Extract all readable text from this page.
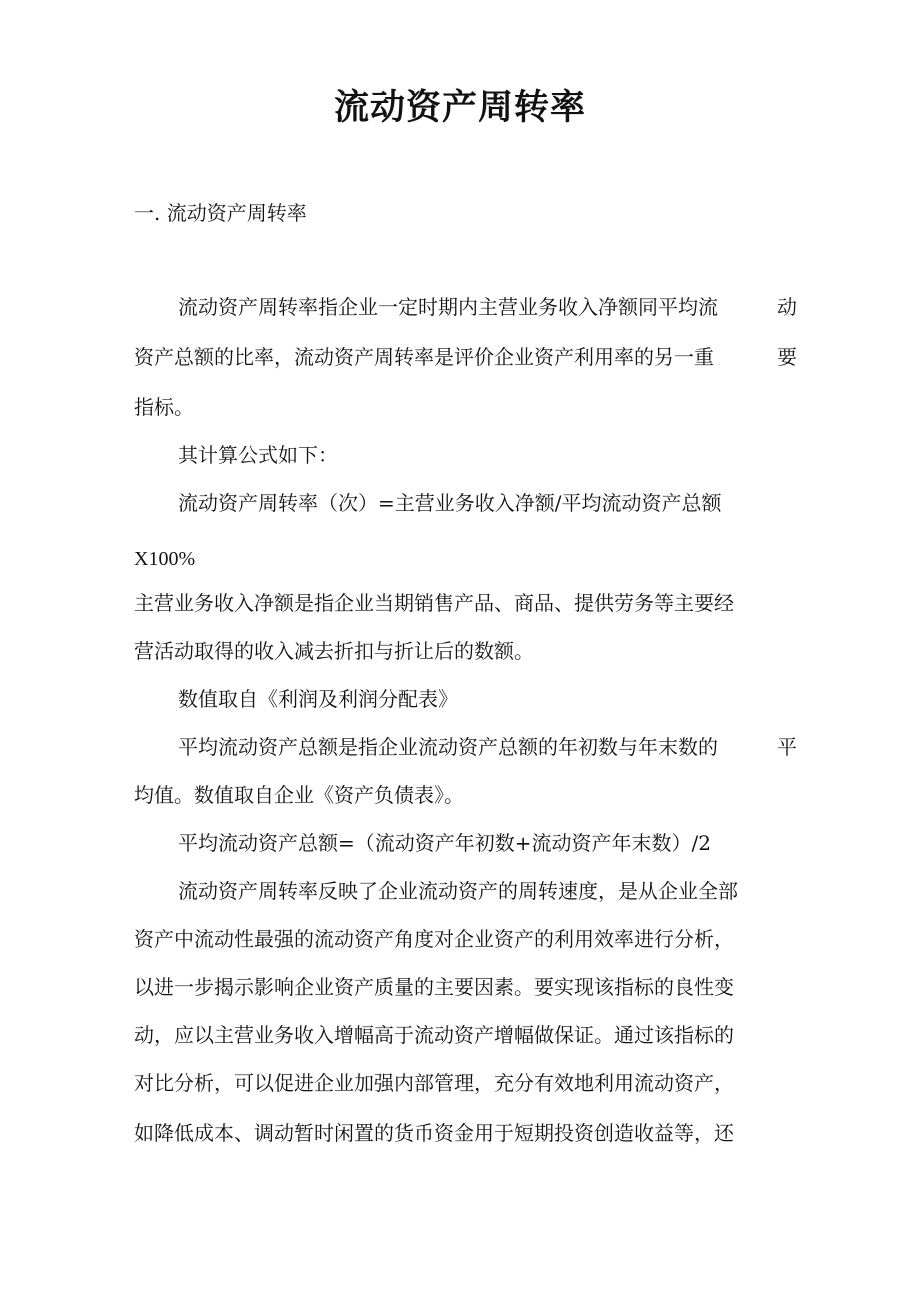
流动资产周转率
一. 流动资产周转率
流动资产周转率指企业一定时期内主营业务收入净额同平均流	动
资产总额的比率，流动资产周转率是评价企业资产利用率的另一重	要
指标。
其计算公式如下：
流动资产周转率（次）=主营业务收入净额/平均流动资产总额
X100%
主营业务收入净额是指企业当期销售产品、商品、提供劳务等主要经
营活动取得的收入减去折扣与折让后的数额。
数值取自《利润及利润分配表》
平均流动资产总额是指企业流动资产总额的年初数与年末数的	平
均值。数值取自企业《资产负债表》。
平均流动资产总额=（流动资产年初数+流动资产年末数）/2
流动资产周转率反映了企业流动资产的周转速度，是从企业全部
资产中流动性最强的流动资产角度对企业资产的利用效率进行分析，
以进一步揭示影响企业资产质量的主要因素。要实现该指标的良性变
动，应以主营业务收入增幅高于流动资产增幅做保证。通过该指标的
对比分析，可以促进企业加强内部管理，充分有效地利用流动资产，
如降低成本、调动暂时闲置的货币资金用于短期投资创造收益等，还
